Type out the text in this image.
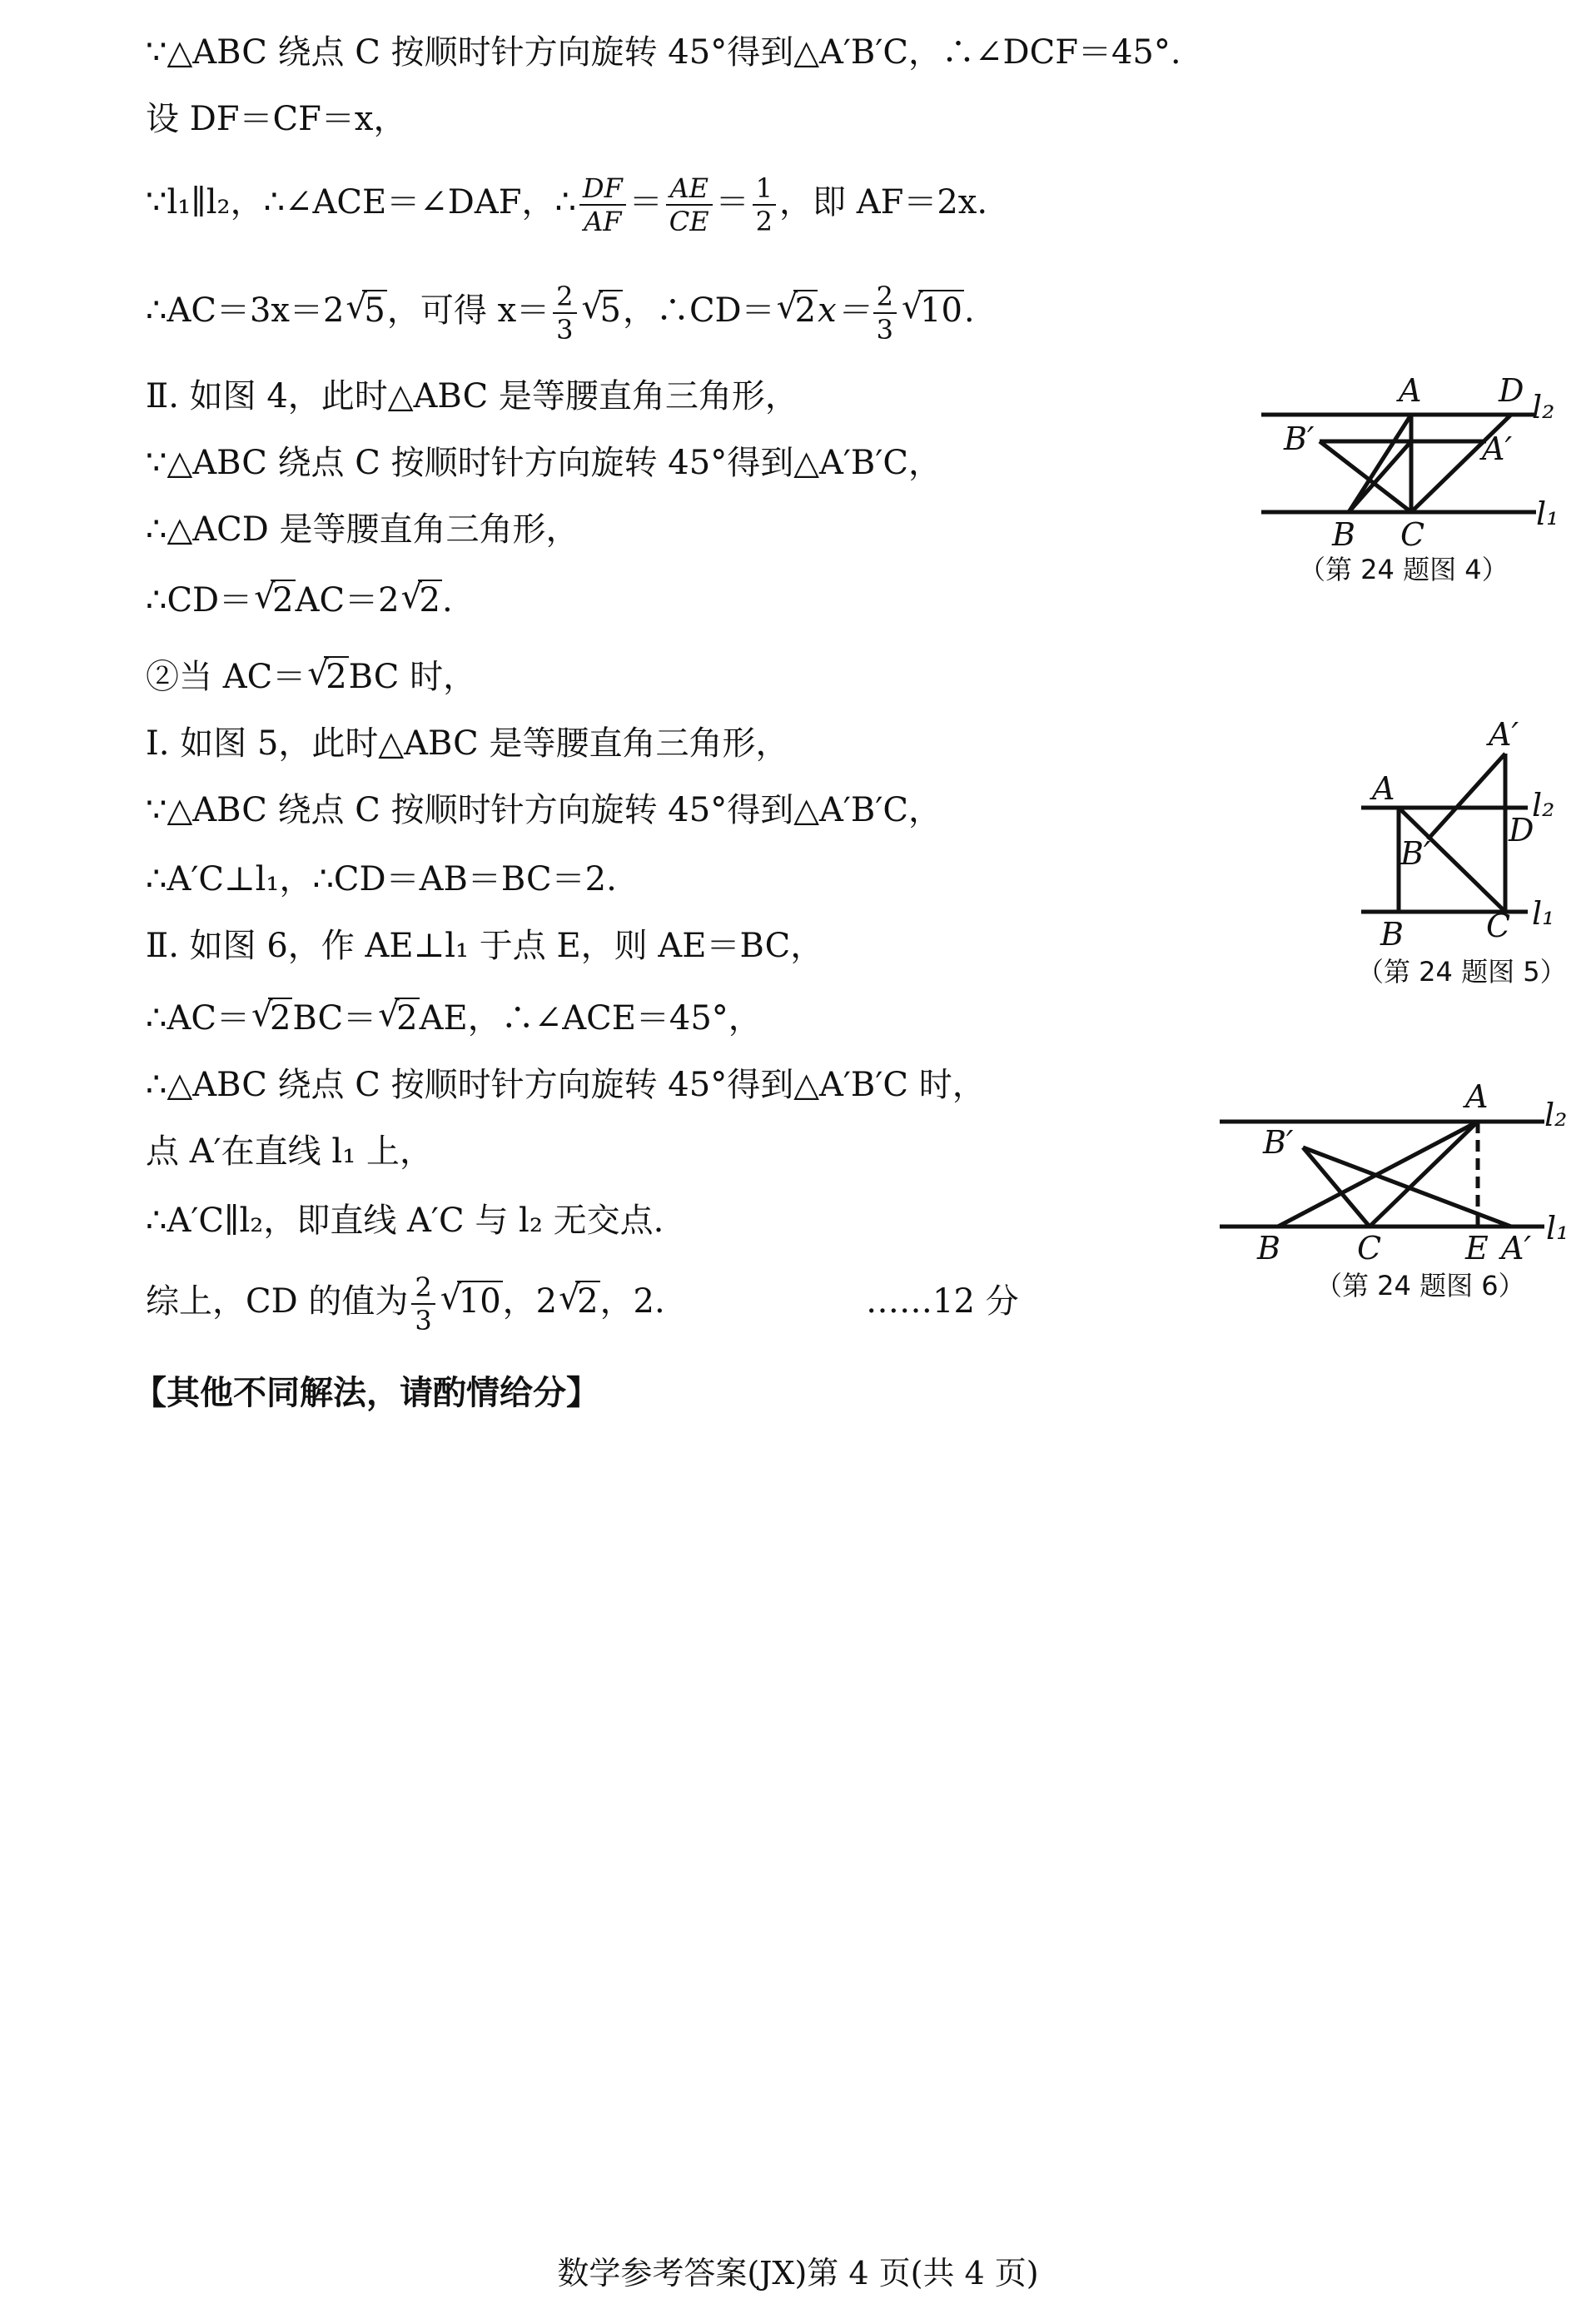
∵△ABC 绕点 C 按顺时针方向旋转 45°得到△A′B′C，∴∠DCF＝45°.
设 DF＝CF＝x，
∵l₁∥l₂，∴∠ACE＝∠DAF，∴ $\frac{DF}{AF} = \frac{AE}{CE} = \frac{1}{2}$ ，即 AF＝2x.
∴AC＝3x＝2 √ 5，可得 $x= \frac{2}{3}$ √ 5，∴CD＝ √ $2x= \frac{2}{3}$ √ 10.
Ⅱ. 如图 4，此时△ABC 是等腰直角三角形，
∵△ABC 绕点 C 按顺时针方向旋转 45°得到△A′B′C，
∴△ACD 是等腰直角三角形，
∴CD＝ √ 2AC＝2 √ 2.
②当 AC＝ √ 2BC 时，
Ⅰ. 如图 5，此时△ABC 是等腰直角三角形，
∵△ABC 绕点 C 按顺时针方向旋转 45°得到△A′B′C，
∴A′C⊥l₁，∴CD＝AB＝BC＝2.
Ⅱ. 如图 6，作 AE⊥l₁ 于点 E，则 AE＝BC，
∴AC＝ √ 2BC＝ √ 2AE，∴∠ACE＝45°，
∴△ABC 绕点 C 按顺时针方向旋转 45°得到△A′B′C 时，
点 A′在直线 l₁ 上，
∴A′C∥l₂，即直线 A′C 与 l₂ 无交点.
综上，CD 的值为 $\frac{2}{3}$ √ 10，2 √ 2，2.	……12 分
【其他不同解法，请酌情给分】
A D l₂
B′	A′
B C
l₁
（第 24 题图 4）
A′
A	l₂
D
B′
B	C l₁
（第 24 题图 5）
A l₂
B′
B C	E A′
l₁
（第 24 题图 6）
数学参考答案(JX)第 4 页(共 4 页)
